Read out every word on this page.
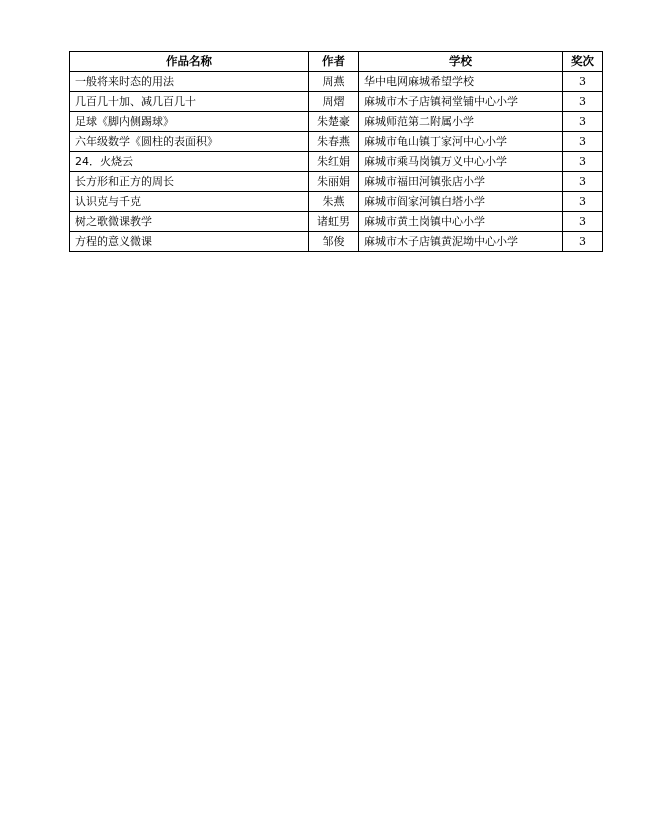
作品名称	作者	学校	奖次
一般将来时态的用法	周燕	华中电网麻城希望学校	3
几百几十加、减几百几十	周熠	麻城市木子店镇祠堂铺中心小学	3
足球《脚内侧踢球》	朱楚豪	麻城师范第二附属小学	3
六年级数学《圆柱的表面积》	朱春燕	麻城市龟山镇丁家河中心小学	3
24．火烧云	朱红娟	麻城市乘马岗镇万义中心小学	3
长方形和正方的周长	朱丽娟	麻城市福田河镇张店小学	3
认识克与千克	朱燕	麻城市阎家河镇白塔小学	3
树之歌微课教学	诸虹男	麻城市黄土岗镇中心小学	3
方程的意义微课	邹俊	麻城市木子店镇黄泥坳中心小学	3
